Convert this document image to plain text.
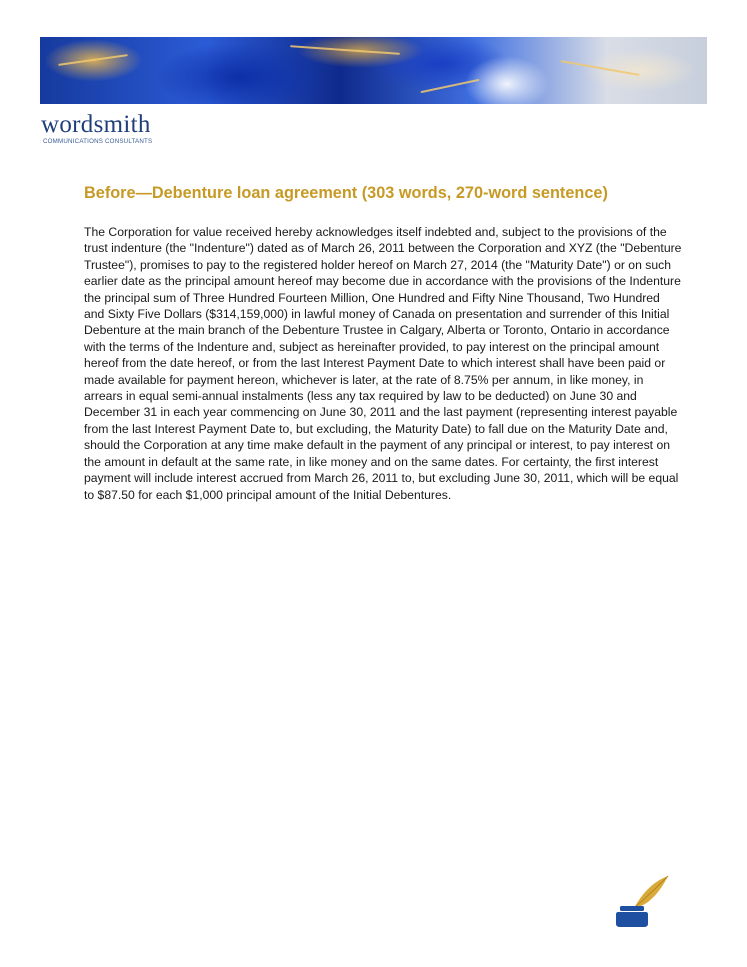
wordsmith

COMMUNICATIONS CONSULTANTS

Before—Debenture loan agreement (303 words, 270-word sentence)

The Corporation for value received hereby acknowledges itself indebted and, subject to the provisions of the trust indenture (the "Indenture") dated as of March 26, 2011 between the Corporation and XYZ (the "Debenture Trustee"), promises to pay to the registered holder hereof on March 27, 2014 (the "Maturity Date") or on such earlier date as the principal amount hereof may become due in accordance with the provisions of the Indenture the principal sum of Three Hundred Fourteen Million, One Hundred and Fifty Nine Thousand, Two Hundred and Sixty Five Dollars ($314,159,000) in lawful money of Canada on presentation and surrender of this Initial Debenture at the main branch of the Debenture Trustee in Calgary, Alberta or Toronto, Ontario in accordance with the terms of the Indenture and, subject as hereinafter provided, to pay interest on the principal amount hereof from the date hereof, or from the last Interest Payment Date to which interest shall have been paid or made available for payment hereon, whichever is later, at the rate of 8.75% per annum, in like money, in arrears in equal semi-annual instalments (less any tax required by law to be deducted) on June 30 and December 31 in each year commencing on June 30, 2011 and the last payment (representing interest payable from the last Interest Payment Date to, but excluding, the Maturity Date) to fall due on the Maturity Date and, should the Corporation at any time make default in the payment of any principal or interest, to pay interest on the amount in default at the same rate, in like money and on the same dates. For certainty, the first interest payment will include interest accrued from March 26, 2011 to, but excluding June 30, 2011, which will be equal to $87.50 for each $1,000 principal amount of the Initial Debentures.
